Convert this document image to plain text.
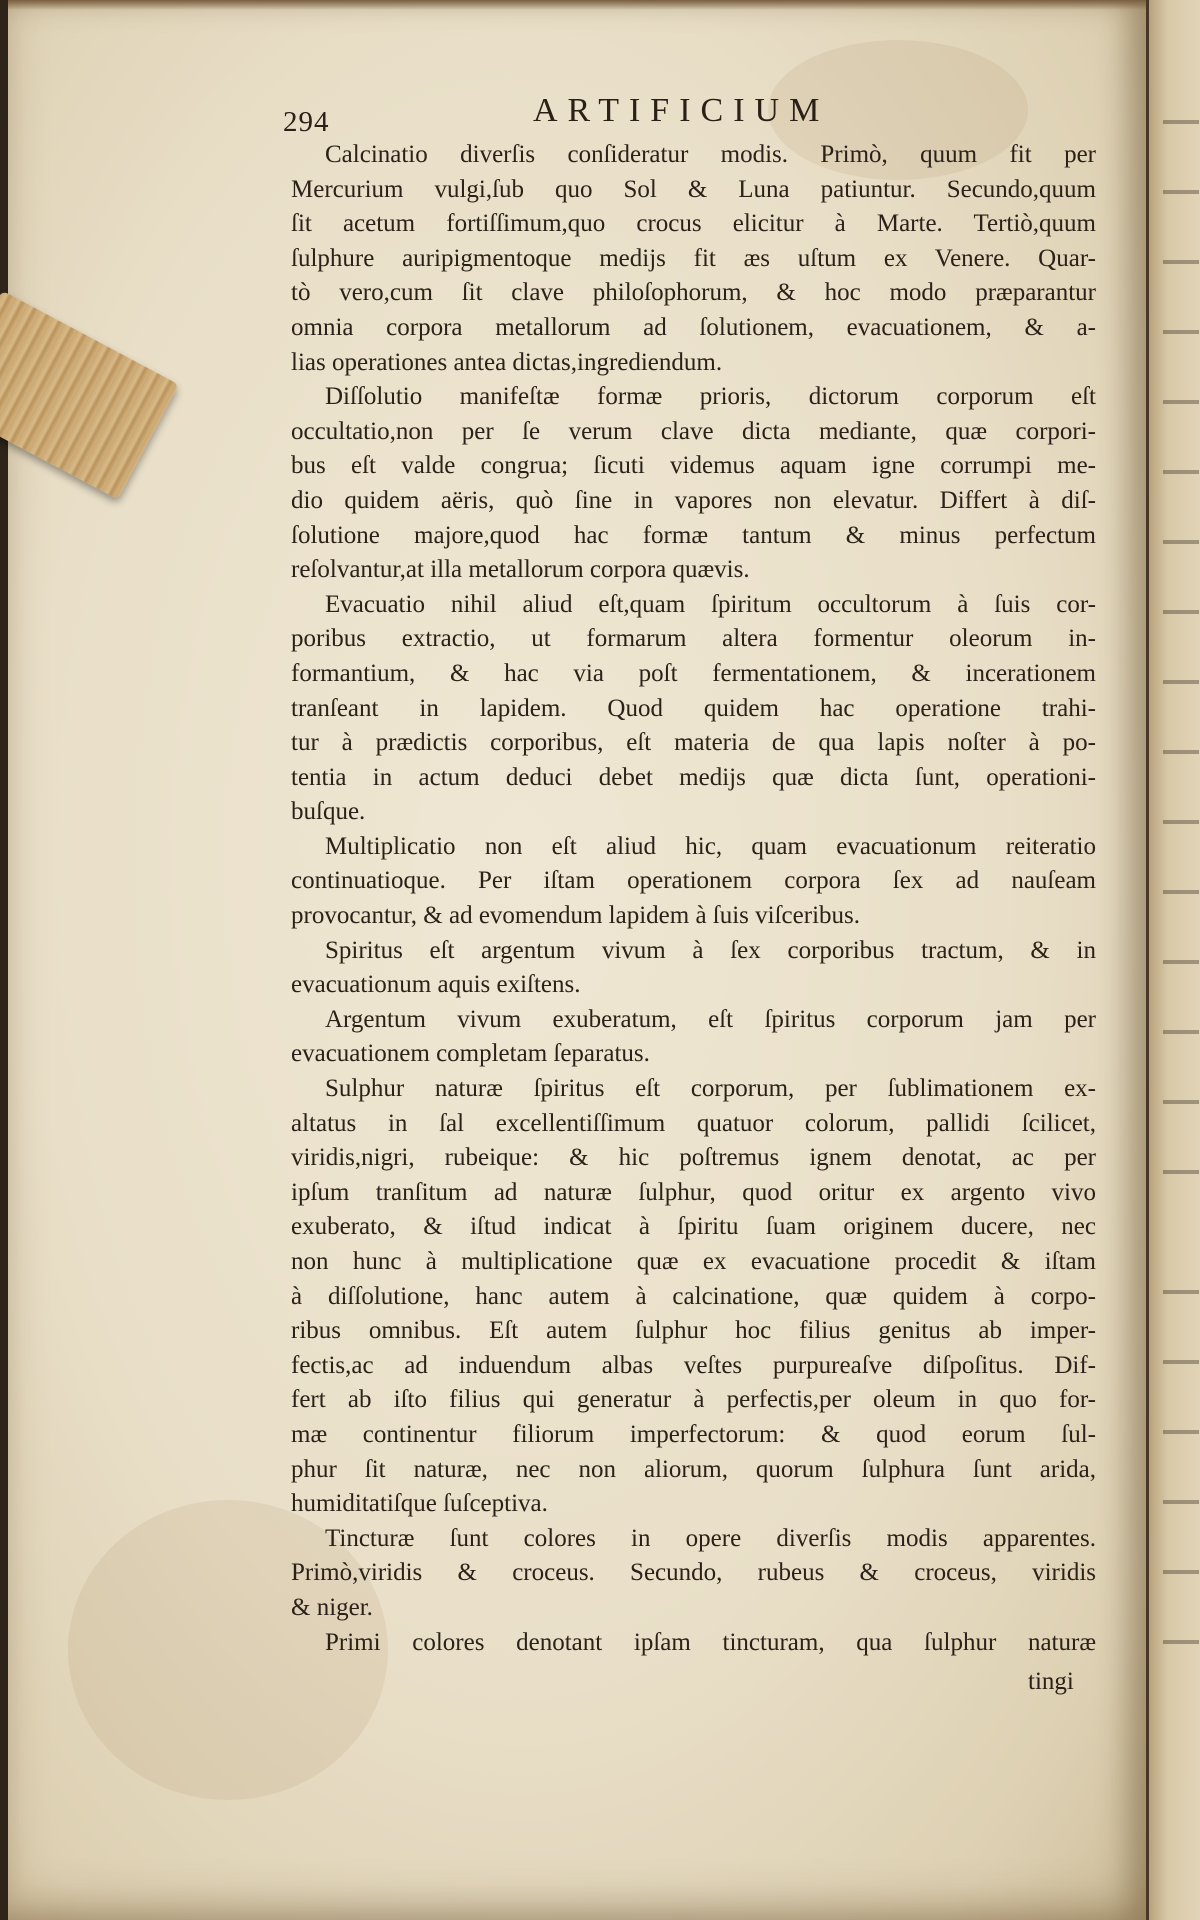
294	ARTIFICIUM
Calcinatio diverſis conſideratur modis. Primò, quum fit per
Mercurium vulgi,ſub quo Sol & Luna patiuntur. Secundo,quum
ſit acetum fortiſſimum,quo crocus elicitur à Marte. Tertiò,quum
ſulphure auripigmentoque medijs fit æs uſtum ex Venere. Quar-
tò vero,cum ſit clave philoſophorum, & hoc modo præparantur
omnia corpora metallorum ad ſolutionem, evacuationem, & a-
lias operationes antea dictas,ingrediendum.
Diſſolutio manifeſtæ formæ prioris, dictorum corporum eſt
occultatio,non per ſe verum clave dicta mediante, quæ corpori-
bus eſt valde congrua; ſicuti videmus aquam igne corrumpi me-
dio quidem aëris, quò ſine in vapores non elevatur. Differt à diſ-
ſolutione majore,quod hac formæ tantum & minus perfectum
reſolvantur,at illa metallorum corpora quævis.
Evacuatio nihil aliud eſt,quam ſpiritum occultorum à ſuis cor-
poribus extractio, ut formarum altera formentur oleorum in-
formantium, & hac via poſt fermentationem, & incerationem
tranſeant in lapidem. Quod quidem hac operatione trahi-
tur à prædictis corporibus, eſt materia de qua lapis noſter à po-
tentia in actum deduci debet medijs quæ dicta ſunt, operationi-
buſque.
Multiplicatio non eſt aliud hic, quam evacuationum reiteratio
continuatioque. Per iſtam operationem corpora ſex ad nauſeam
provocantur, & ad evomendum lapidem à ſuis viſceribus.
Spiritus eſt argentum vivum à ſex corporibus tractum, & in
evacuationum aquis exiſtens.
Argentum vivum exuberatum, eſt ſpiritus corporum jam per
evacuationem completam ſeparatus.
Sulphur naturæ ſpiritus eſt corporum, per ſublimationem ex-
altatus in ſal excellentiſſimum quatuor colorum, pallidi ſcilicet,
viridis,nigri, rubeique: & hic poſtremus ignem denotat, ac per
ipſum tranſitum ad naturæ ſulphur, quod oritur ex argento vivo
exuberato, & iſtud indicat à ſpiritu ſuam originem ducere, nec
non hunc à multiplicatione quæ ex evacuatione procedit & iſtam
à diſſolutione, hanc autem à calcinatione, quæ quidem à corpo-
ribus omnibus. Eſt autem ſulphur hoc filius genitus ab imper-
fectis,ac ad induendum albas veſtes purpureaſve diſpoſitus. Dif-
fert ab iſto filius qui generatur à perfectis,per oleum in quo for-
mæ continentur filiorum imperfectorum: & quod eorum ſul-
phur ſit naturæ, nec non aliorum, quorum ſulphura ſunt arida,
humiditatiſque ſuſceptiva.
Tincturæ ſunt colores in opere diverſis modis apparentes.
Primò,viridis & croceus. Secundo, rubeus & croceus, viridis
& niger.
Primi colores denotant ipſam tincturam, qua ſulphur naturæ
tingi
